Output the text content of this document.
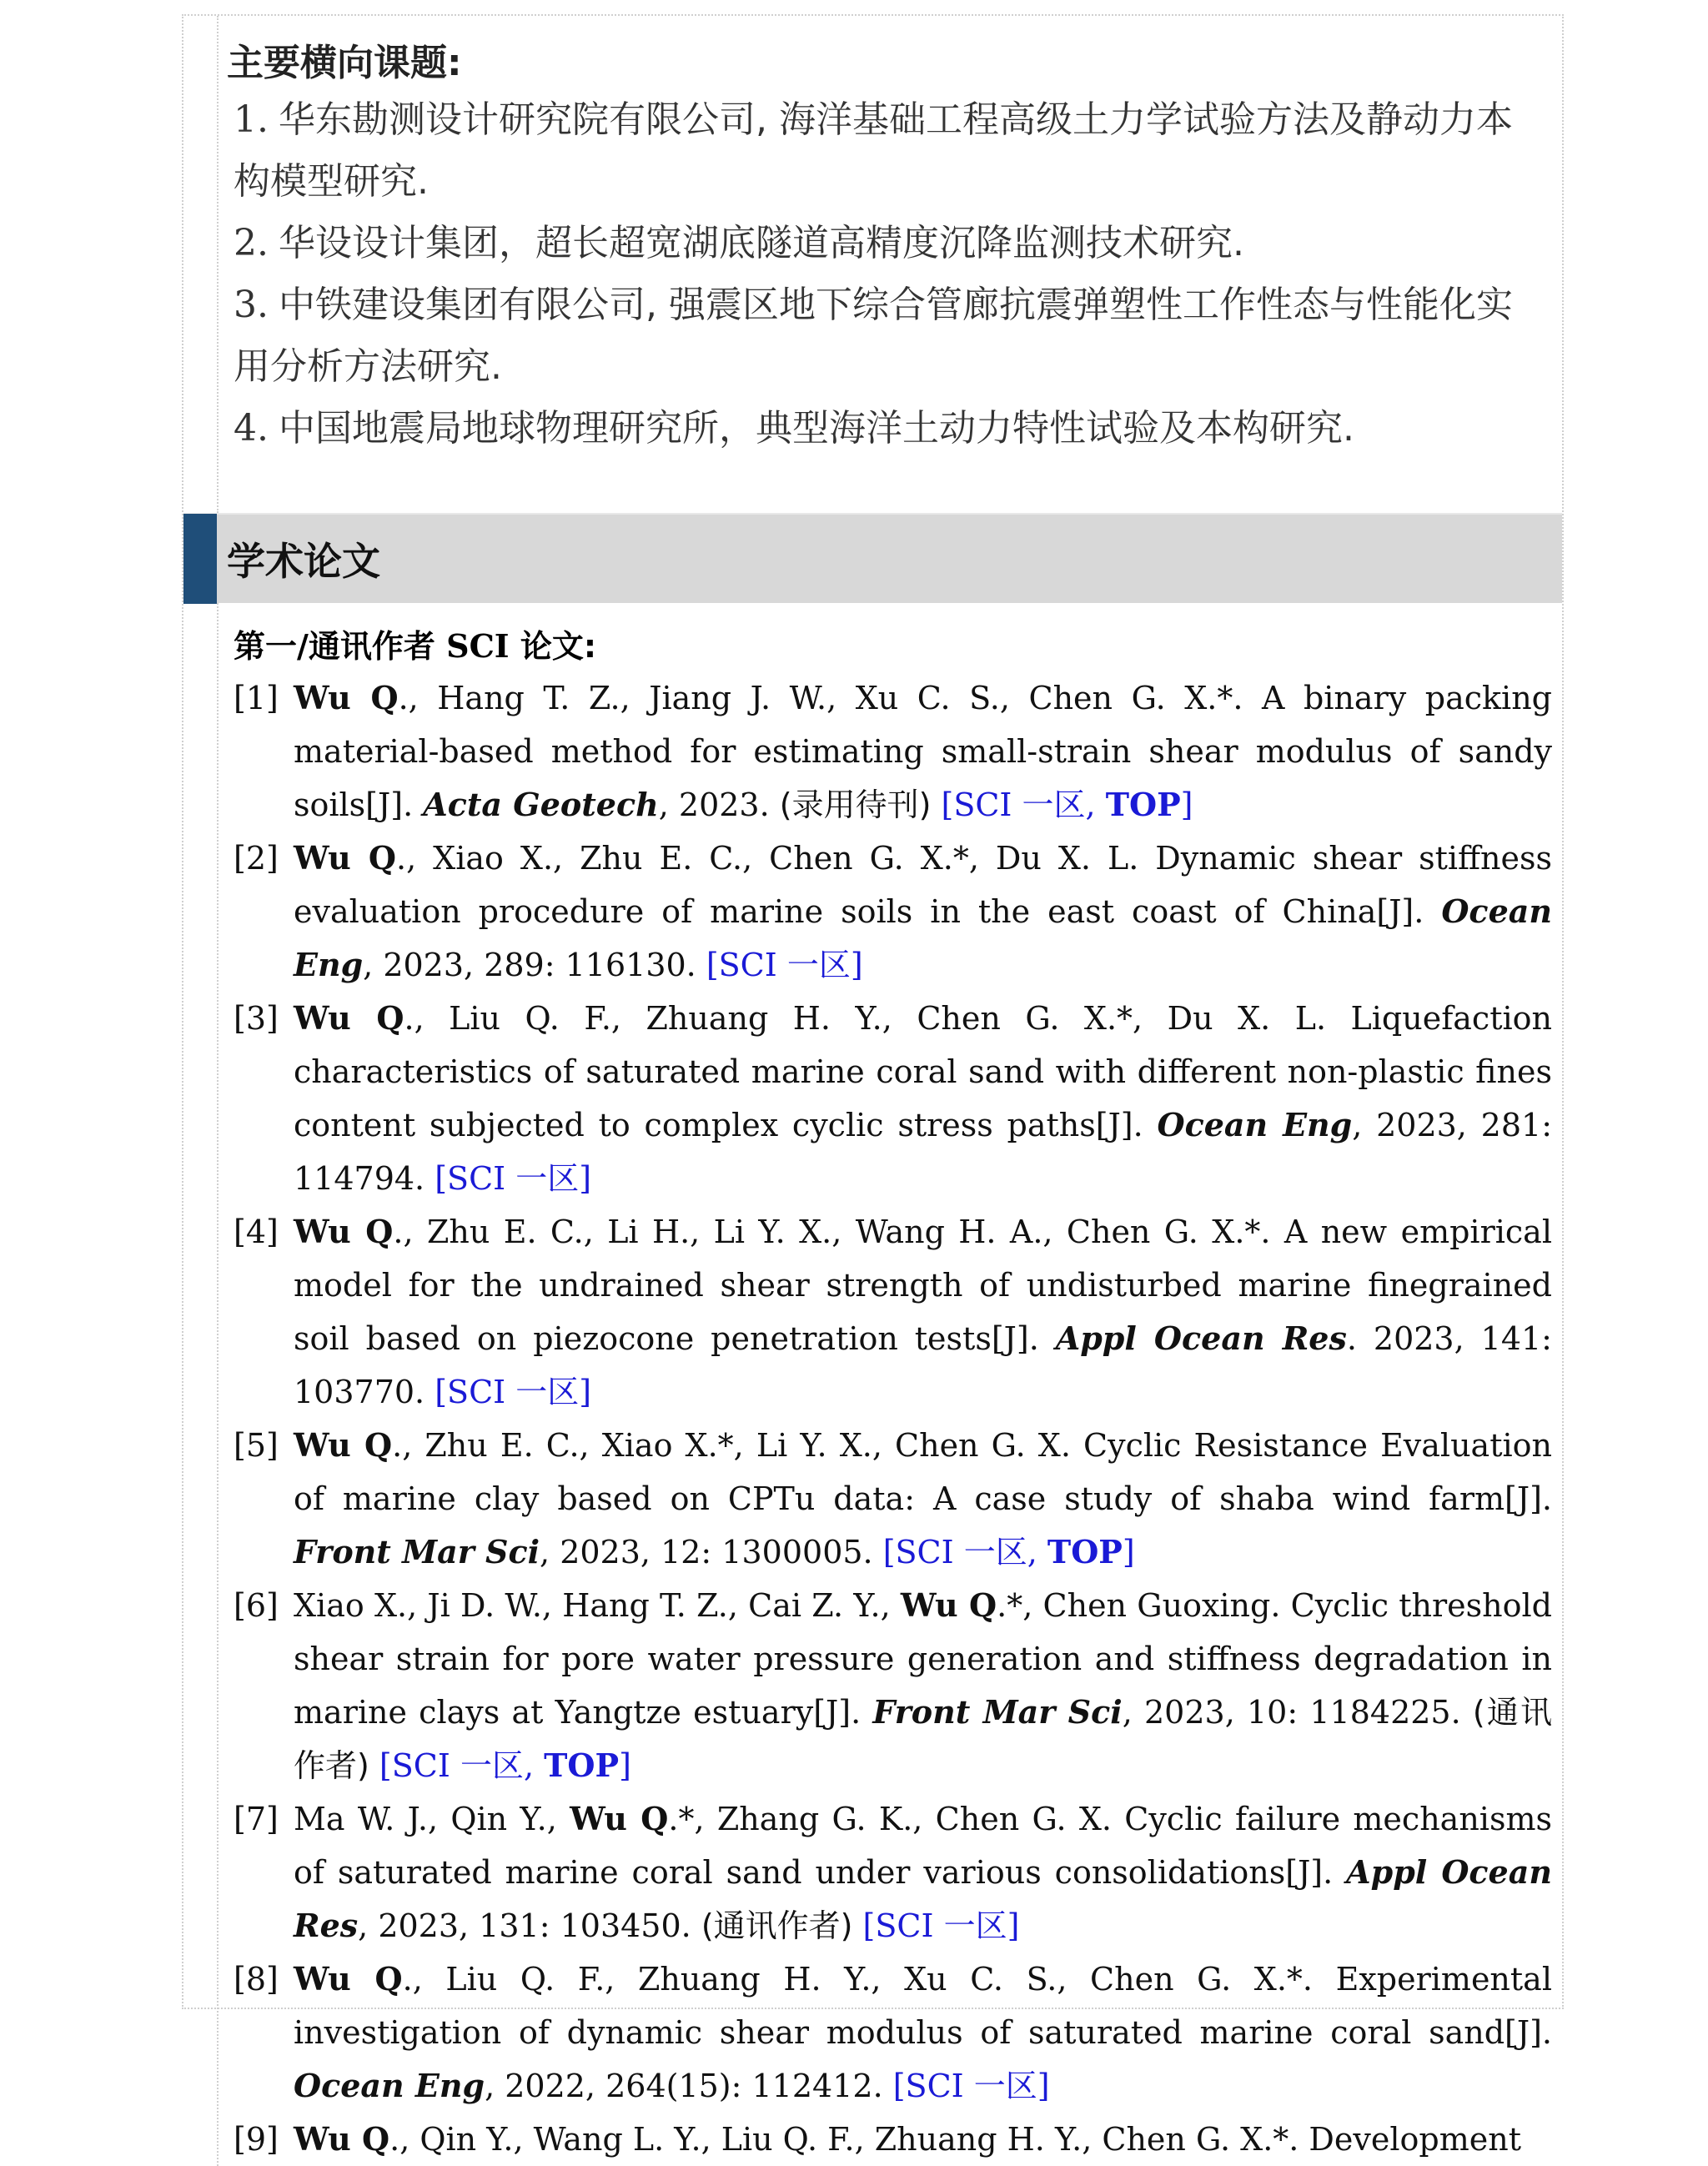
主要横向课题:
1. 华东勘测设计研究院有限公司, 海洋基础工程高级土力学试验方法及静动力本构模型研究.
2. 华设设计集团，超长超宽湖底隧道高精度沉降监测技术研究.
3. 中铁建设集团有限公司, 强震区地下综合管廊抗震弹塑性工作性态与性能化实用分析方法研究.
4. 中国地震局地球物理研究所，典型海洋土动力特性试验及本构研究.
学术论文
第一/通讯作者 SCI 论文:
[1] Wu Q., Hang T. Z., Jiang J. W., Xu C. S., Chen G. X.*. A binary packing material-based method for estimating small-strain shear modulus of sandy soils[J]. Acta Geotech, 2023. (录用待刊) [SCI 一区, TOP]
[2] Wu Q., Xiao X., Zhu E. C., Chen G. X.*, Du X. L. Dynamic shear stiffness evaluation procedure of marine soils in the east coast of China[J]. Ocean Eng, 2023, 289: 116130. [SCI 一区]
[3] Wu Q., Liu Q. F., Zhuang H. Y., Chen G. X.*, Du X. L. Liquefaction characteristics of saturated marine coral sand with different non-plastic fines content subjected to complex cyclic stress paths[J]. Ocean Eng, 2023, 281: 114794. [SCI 一区]
[4] Wu Q., Zhu E. C., Li H., Li Y. X., Wang H. A., Chen G. X.*. A new empirical model for the undrained shear strength of undisturbed marine finegrained soil based on piezocone penetration tests[J]. Appl Ocean Res. 2023, 141: 103770. [SCI 一区]
[5] Wu Q., Zhu E. C., Xiao X.*, Li Y. X., Chen G. X. Cyclic Resistance Evaluation of marine clay based on CPTu data: A case study of shaba wind farm[J]. Front Mar Sci, 2023, 12: 1300005. [SCI 一区, TOP]
[6] Xiao X., Ji D. W., Hang T. Z., Cai Z. Y., Wu Q.*, Chen Guoxing. Cyclic threshold shear strain for pore water pressure generation and stiffness degradation in marine clays at Yangtze estuary[J]. Front Mar Sci, 2023, 10: 1184225. (通讯作者) [SCI 一区, TOP]
[7] Ma W. J., Qin Y., Wu Q.*, Zhang G. K., Chen G. X. Cyclic failure mechanisms of saturated marine coral sand under various consolidations[J]. Appl Ocean Res, 2023, 131: 103450. (通讯作者) [SCI 一区]
[8] Wu Q., Liu Q. F., Zhuang H. Y., Xu C. S., Chen G. X.*. Experimental investigation of dynamic shear modulus of saturated marine coral sand[J]. Ocean Eng, 2022, 264(15): 112412. [SCI 一区]
[9] Wu Q., Qin Y., Wang L. Y., Liu Q. F., Zhuang H. Y., Chen G. X.*. Development
